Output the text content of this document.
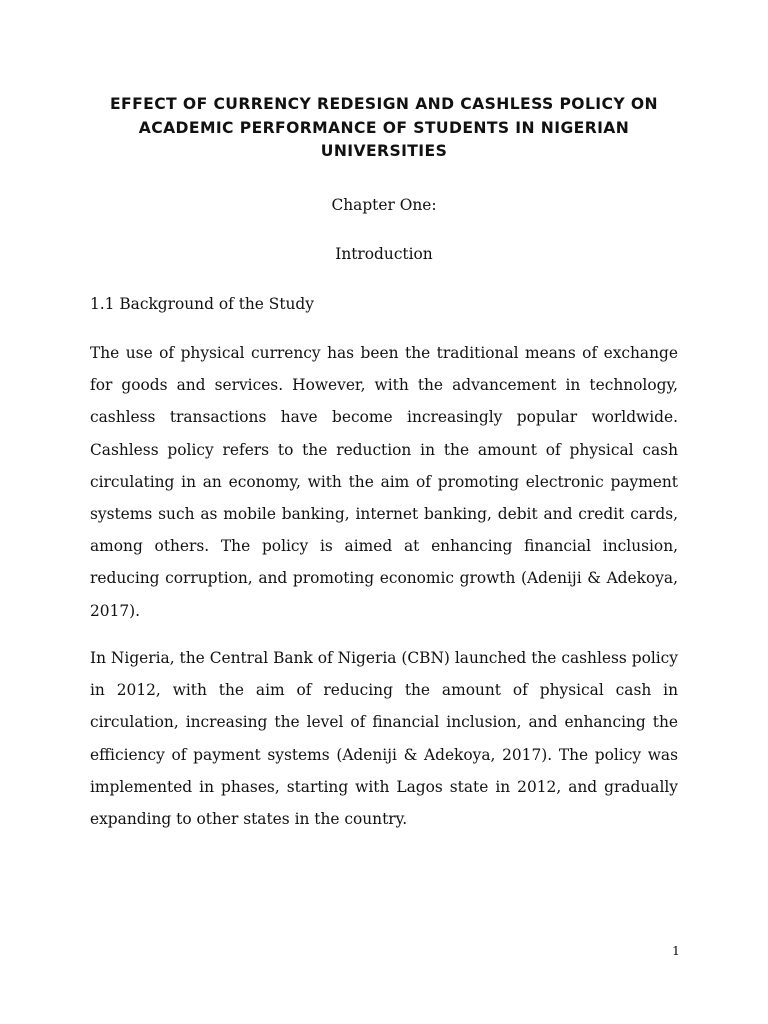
EFFECT OF CURRENCY REDESIGN AND CASHLESS POLICY ON
ACADEMIC PERFORMANCE OF STUDENTS IN NIGERIAN
UNIVERSITIES
Chapter One:
Introduction
1.1 Background of the Study

The use of physical currency has been the traditional means of exchange for goods and services. However, with the advancement in technology, cashless transactions have become increasingly popular worldwide. Cashless policy refers to the reduction in the amount of physical cash circulating in an economy, with the aim of promoting electronic payment systems such as mobile banking, internet banking, debit and credit cards, among others. The policy is aimed at enhancing financial inclusion, reducing corruption, and promoting economic growth (Adeniji & Adekoya, 2017).

In Nigeria, the Central Bank of Nigeria (CBN) launched the cashless policy in 2012, with the aim of reducing the amount of physical cash in circulation, increasing the level of financial inclusion, and enhancing the efficiency of payment systems (Adeniji & Adekoya, 2017). The policy was implemented in phases, starting with Lagos state in 2012, and gradually expanding to other states in the country.

1
